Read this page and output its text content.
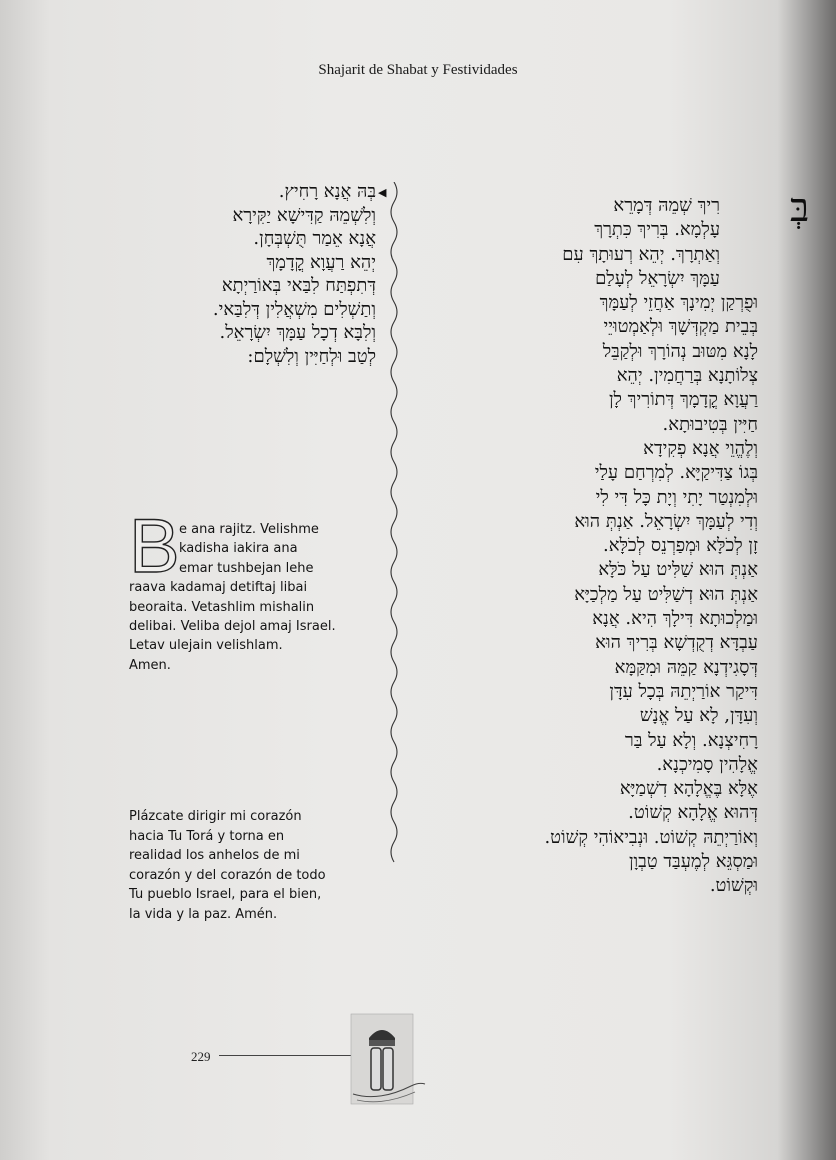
Shajarit de Shabat y Festividades
◀
בְּהּ אֲנָא רָחִיץ.
וְלִשְׁמֵהּ קַדִּישָׁא יַקִּירָא
אֲנָא אֵמַר תֻּשְׁבְּחָן.
יְהֵא רַעֲוָא קֳדָמָךְ
דְּתִפְתַּח לִבַּאי בְּאוֹרַיְתָא
וְתַשְׁלִים מִשְׁאֲלִין דְּלִבַּאי.
וְלִבָּא דְכָל עַמָּךְ יִשְׂרָאֵל.
לְטַב וּלְחַיִּין וְלִשְׁלָם:
בְּ
רִיךְ שְׁמֵהּ דְּמָרֵא
עָלְמָא. בְּרִיךְ כִּתְרָךְ
וְאַתְרָךְ. יְהֵא רְעוּתָךְ עִם
עַמָּךְ יִשְׂרָאֵל לְעָלַם
וּפֻרְקַן יְמִינָךְ אַחֲזֵי לְעַמָּךְ
בְּבֵית מַקְדְּשָׁךְ וּלְאַמְטוּיֵי
לָנָא מִטּוּב נְהוֹרָךְ וּלְקַבֵּל
צְלוֹתָנָא בְּרַחֲמִין. יְהֵא
רַעֲוָא קֳדָמָךְ דְּתוֹרִיךְ לָן
חַיִּין בְּטִיבוּתָא.
וְלֶהֱוֵי אֲנָא פְקִידָא
בְּגוֹ צַדִּיקַיָּא. לְמִרְחַם עָלַי
וּלְמִנְטַר יָתִי וְיָת כָּל דִּי לִי
וְדִי לְעַמָּךְ יִשְׂרָאֵל. אַנְתְּ הוּא
זָן לְכֹלָּא וּמְפַרְנֵס לְכֹלָּא.
אַנְתְּ הוּא שַׁלִּיט עַל כֹּלָּא
אַנְתְּ הוּא דְשַׁלִּיט עַל מַלְכַיָּא
וּמַלְכוּתָא דִּילָךְ הִיא. אֲנָא
עַבְדָּא דְקֻדְשָׁא בְּרִיךְ הוּא
דְּסָגִידְנָא קַמֵּהּ וּמִקַּמָּא
דִּיקַר אוֹרַיְתֵהּ בְּכָל עִדָּן
וְעִדָּן, לָא עַל אֱנָשׁ
רָחִיצְנָא. וְלָא עַל בַּר
אֱלָהִין סָמִיכְנָא.
אֶלָּא בֶּאֱלָהָא דִשְׁמַיָּא
דְּהוּא אֱלָהָא קְשׁוֹט.
וְאוֹרַיְתֵהּ קְשׁוֹט. וּנְבִיאוֹהִי קְשׁוֹט.
וּמַסְגֵּא לְמֶעְבַּד טַבְוָן
וּקְשׁוֹט.
B e ana rajitz. Velishme
kadisha iakira ana
emar tushbejan lehe
raava kadamaj detiftaj libai
beoraita. Vetashlim mishalin
delibai. Veliba dejol amaj Israel.
Letav ulejain velishlam.
Amen.
Plázcate dirigir mi corazón
hacia Tu Torá y torna en
realidad los anhelos de mi
corazón y del corazón de todo
Tu pueblo Israel, para el bien,
la vida y la paz. Amén.
229
